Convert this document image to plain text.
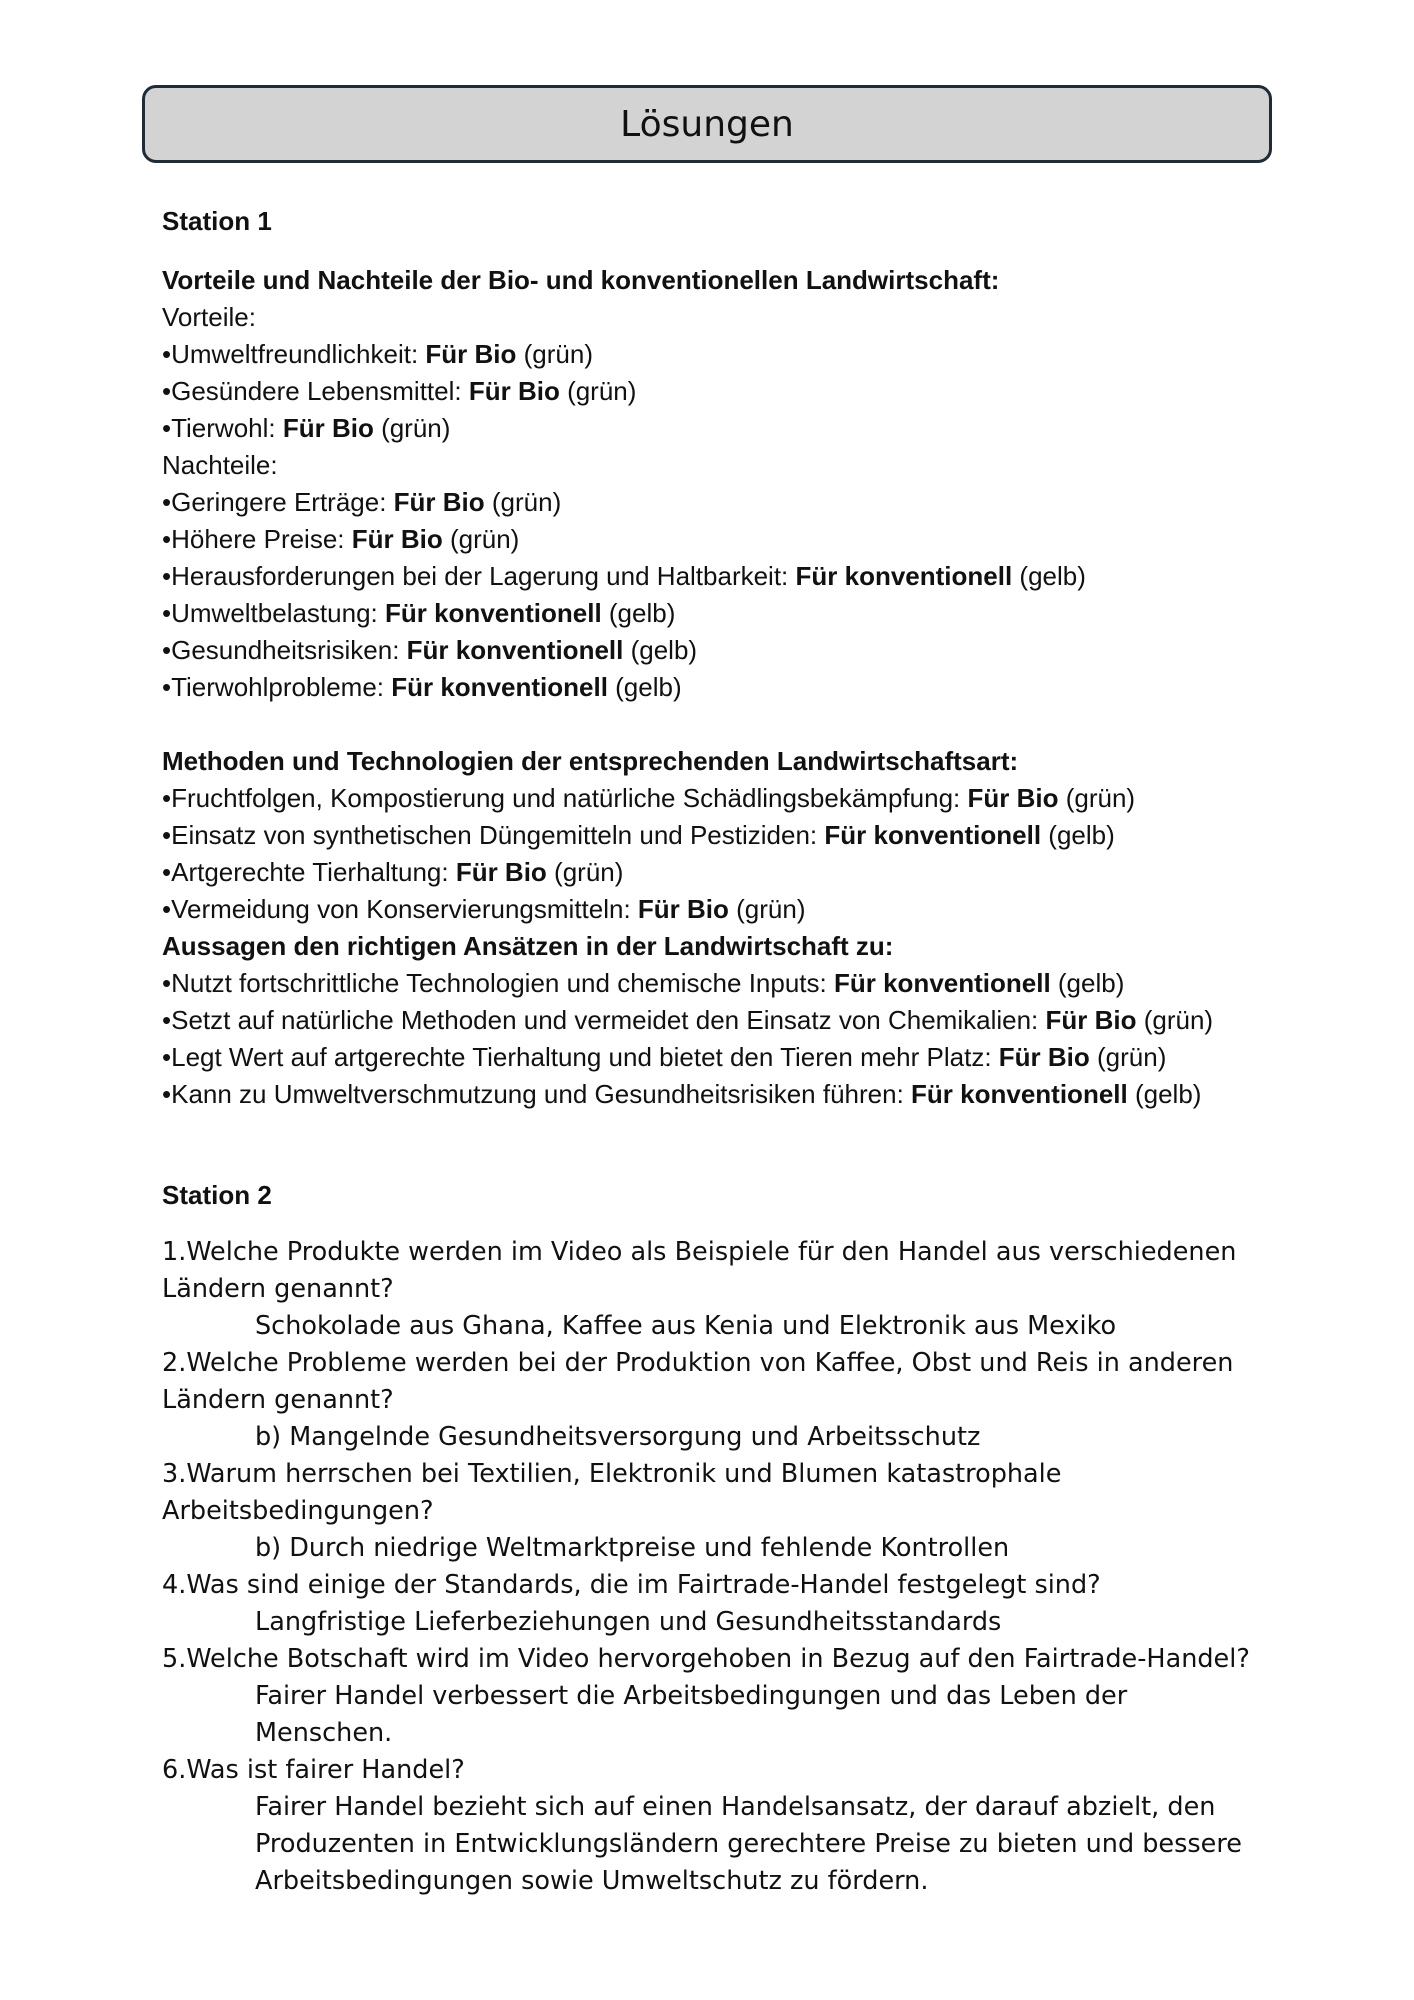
Lösungen
Station 1
Vorteile und Nachteile der Bio- und konventionellen Landwirtschaft:
Vorteile:
•Umweltfreundlichkeit: Für Bio (grün)
•Gesündere Lebensmittel: Für Bio (grün)
•Tierwohl: Für Bio (grün)
Nachteile:
•Geringere Erträge: Für Bio (grün)
•Höhere Preise: Für Bio (grün)
•Herausforderungen bei der Lagerung und Haltbarkeit: Für konventionell (gelb)
•Umweltbelastung: Für konventionell (gelb)
•Gesundheitsrisiken: Für konventionell (gelb)
•Tierwohlprobleme: Für konventionell (gelb)
Methoden und Technologien der entsprechenden Landwirtschaftsart:
•Fruchtfolgen, Kompostierung und natürliche Schädlingsbekämpfung: Für Bio (grün)
•Einsatz von synthetischen Düngemitteln und Pestiziden: Für konventionell (gelb)
•Artgerechte Tierhaltung: Für Bio (grün)
•Vermeidung von Konservierungsmitteln: Für Bio (grün)
Aussagen den richtigen Ansätzen in der Landwirtschaft zu:
•Nutzt fortschrittliche Technologien und chemische Inputs: Für konventionell (gelb)
•Setzt auf natürliche Methoden und vermeidet den Einsatz von Chemikalien: Für Bio (grün)
•Legt Wert auf artgerechte Tierhaltung und bietet den Tieren mehr Platz: Für Bio (grün)
•Kann zu Umweltverschmutzung und Gesundheitsrisiken führen: Für konventionell (gelb)
Station 2
1.Welche Produkte werden im Video als Beispiele für den Handel aus verschiedenen
Ländern genannt?
Schokolade aus Ghana, Kaffee aus Kenia und Elektronik aus Mexiko
2.Welche Probleme werden bei der Produktion von Kaffee, Obst und Reis in anderen
Ländern genannt?
b) Mangelnde Gesundheitsversorgung und Arbeitsschutz
3.Warum herrschen bei Textilien, Elektronik und Blumen katastrophale
Arbeitsbedingungen?
b) Durch niedrige Weltmarktpreise und fehlende Kontrollen
4.Was sind einige der Standards, die im Fairtrade-Handel festgelegt sind?
Langfristige Lieferbeziehungen und Gesundheitsstandards
5.Welche Botschaft wird im Video hervorgehoben in Bezug auf den Fairtrade-Handel?
Fairer Handel verbessert die Arbeitsbedingungen und das Leben der
Menschen.
6.Was ist fairer Handel?
Fairer Handel bezieht sich auf einen Handelsansatz, der darauf abzielt, den
Produzenten in Entwicklungsländern gerechtere Preise zu bieten und bessere
Arbeitsbedingungen sowie Umweltschutz zu fördern.
